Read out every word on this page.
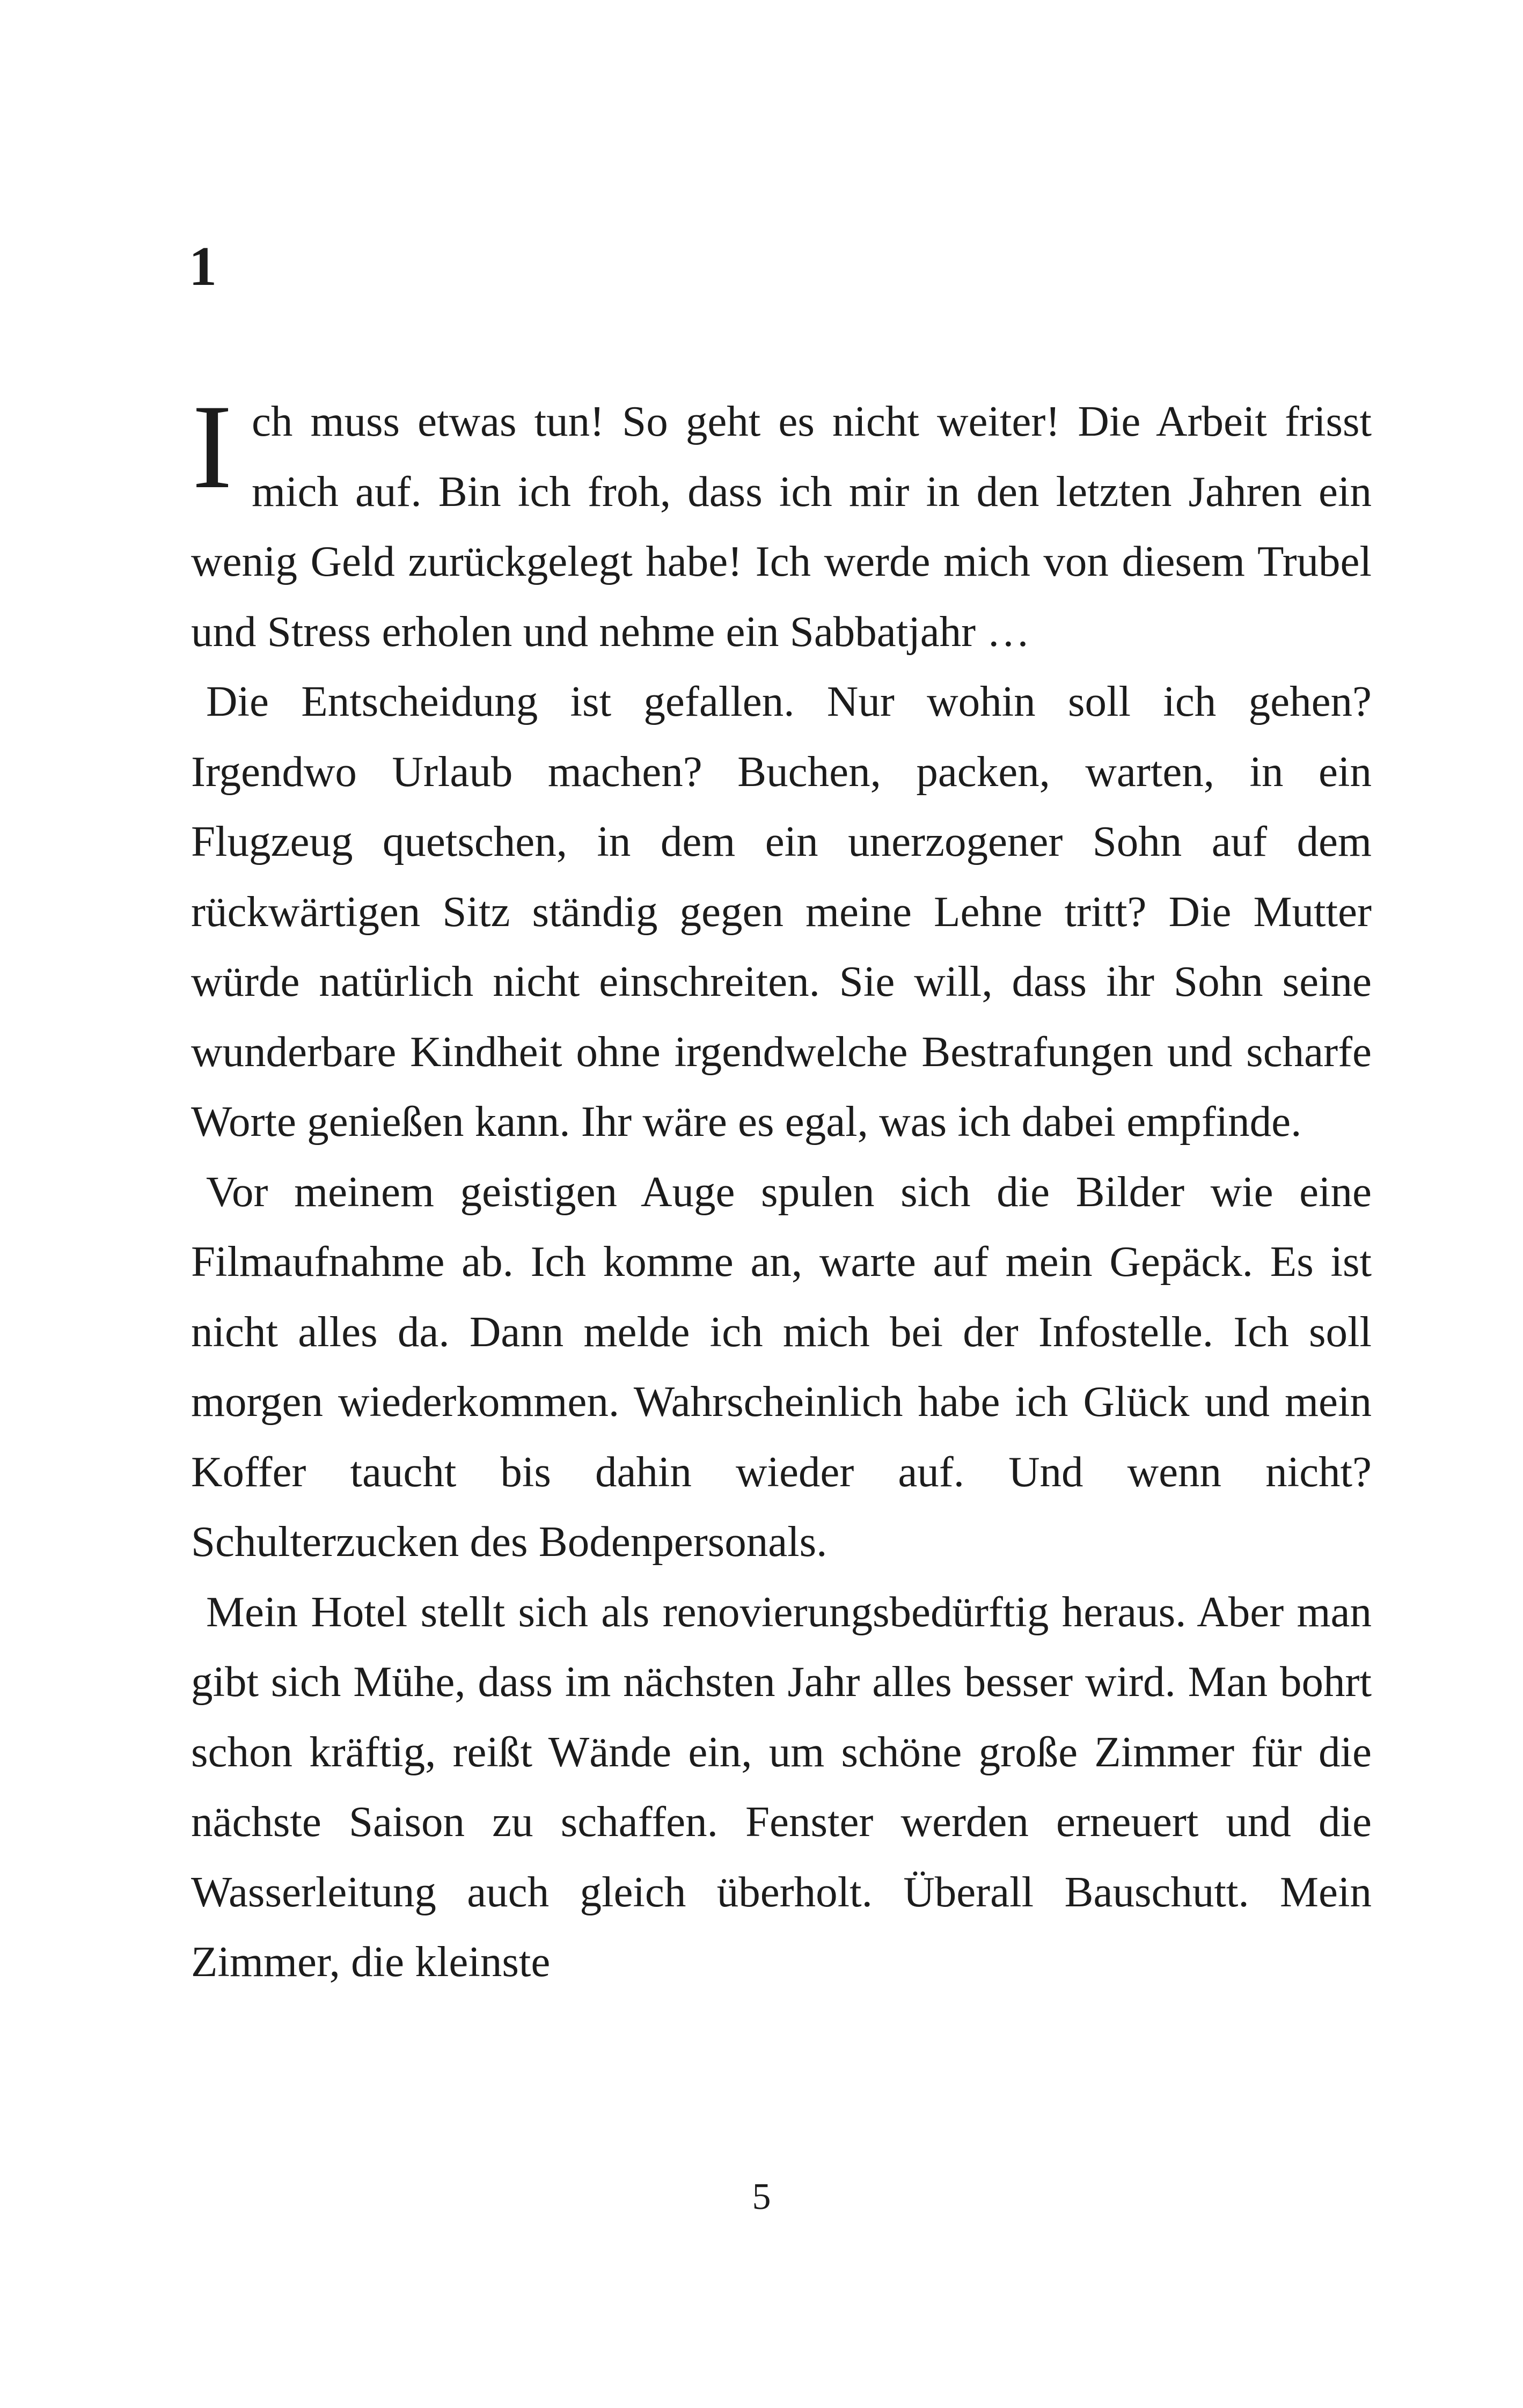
1

Ich muss etwas tun! So geht es nicht weiter! Die Arbeit frisst mich auf. Bin ich froh, dass ich mir in den letzten Jahren ein wenig Geld zurückgelegt habe! Ich werde mich von diesem Trubel und Stress erholen und nehme ein Sabbatjahr …

Die Entscheidung ist gefallen. Nur wohin soll ich gehen? Irgendwo Urlaub machen? Buchen, packen, warten, in ein Flugzeug quetschen, in dem ein unerzogener Sohn auf dem rückwärtigen Sitz ständig gegen meine Lehne tritt? Die Mutter würde natürlich nicht einschreiten. Sie will, dass ihr Sohn seine wunderbare Kindheit ohne irgendwelche Bestrafungen und scharfe Worte genießen kann. Ihr wäre es egal, was ich dabei empfinde.

Vor meinem geistigen Auge spulen sich die Bilder wie eine Filmaufnahme ab. Ich komme an, warte auf mein Gepäck. Es ist nicht alles da. Dann melde ich mich bei der Infostelle. Ich soll morgen wiederkommen. Wahrscheinlich habe ich Glück und mein Koffer taucht bis dahin wieder auf. Und wenn nicht? Schulterzucken des Bodenpersonals.

Mein Hotel stellt sich als renovierungsbedürftig heraus. Aber man gibt sich Mühe, dass im nächsten Jahr alles besser wird. Man bohrt schon kräftig, reißt Wände ein, um schöne große Zimmer für die nächste Saison zu schaffen. Fenster werden erneuert und die Wasserleitung auch gleich überholt. Überall Bauschutt. Mein Zimmer, die kleinste

5
